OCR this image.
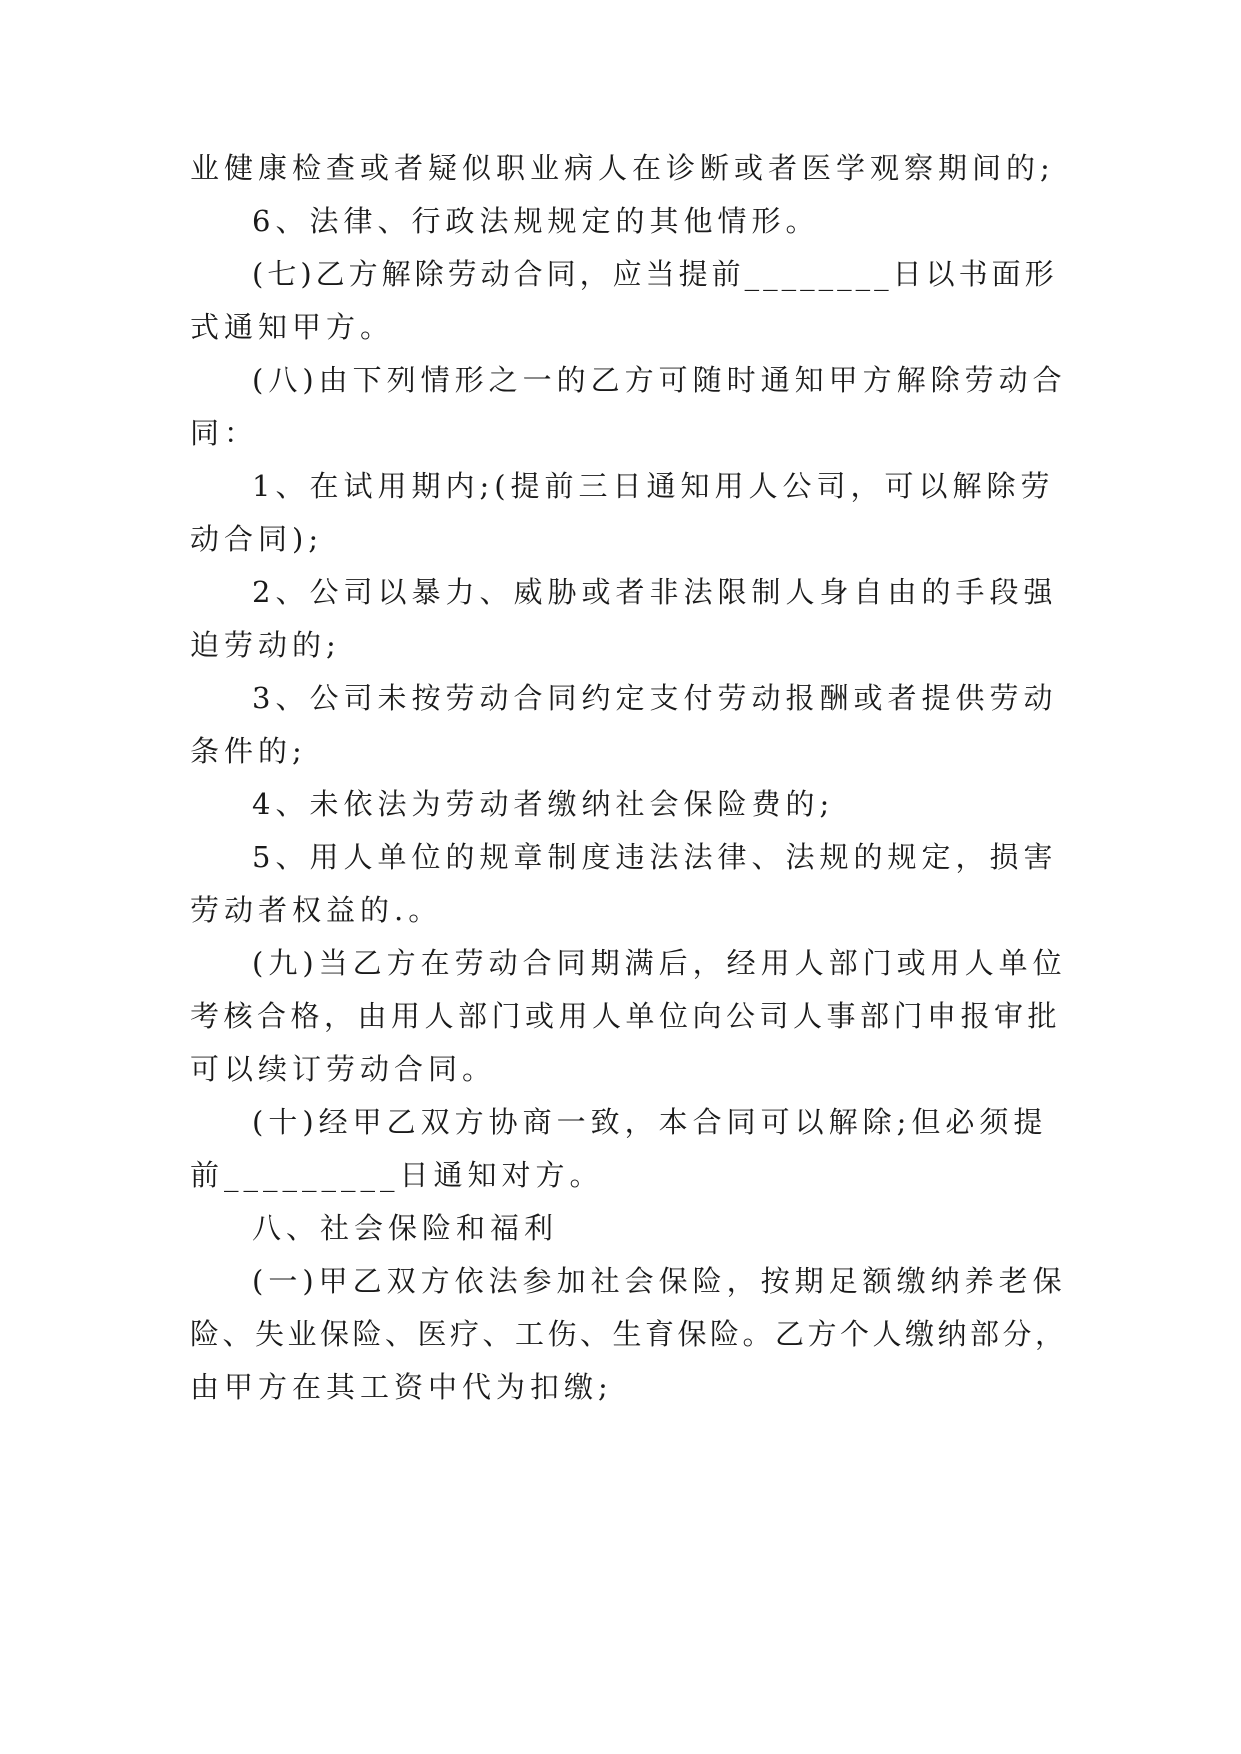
业健康检查或者疑似职业病人在诊断或者医学观察期间的;
6、法律、行政法规规定的其他情形。
(七)乙方解除劳动合同，应当提前________日以书面形
式通知甲方。
(八)由下列情形之一的乙方可随时通知甲方解除劳动合
同：
1、在试用期内;(提前三日通知用人公司，可以解除劳
动合同);
2、公司以暴力、威胁或者非法限制人身自由的手段强
迫劳动的;
3、公司未按劳动合同约定支付劳动报酬或者提供劳动
条件的;
4、未依法为劳动者缴纳社会保险费的;
5、用人单位的规章制度违法法律、法规的规定，损害
劳动者权益的.。
(九)当乙方在劳动合同期满后，经用人部门或用人单位
考核合格，由用人部门或用人单位向公司人事部门申报审批
可以续订劳动合同。
(十)经甲乙双方协商一致，本合同可以解除;但必须提
前_________日通知对方。
八、社会保险和福利
(一)甲乙双方依法参加社会保险，按期足额缴纳养老保
险、失业保险、医疗、工伤、生育保险。乙方个人缴纳部分，
由甲方在其工资中代为扣缴;
